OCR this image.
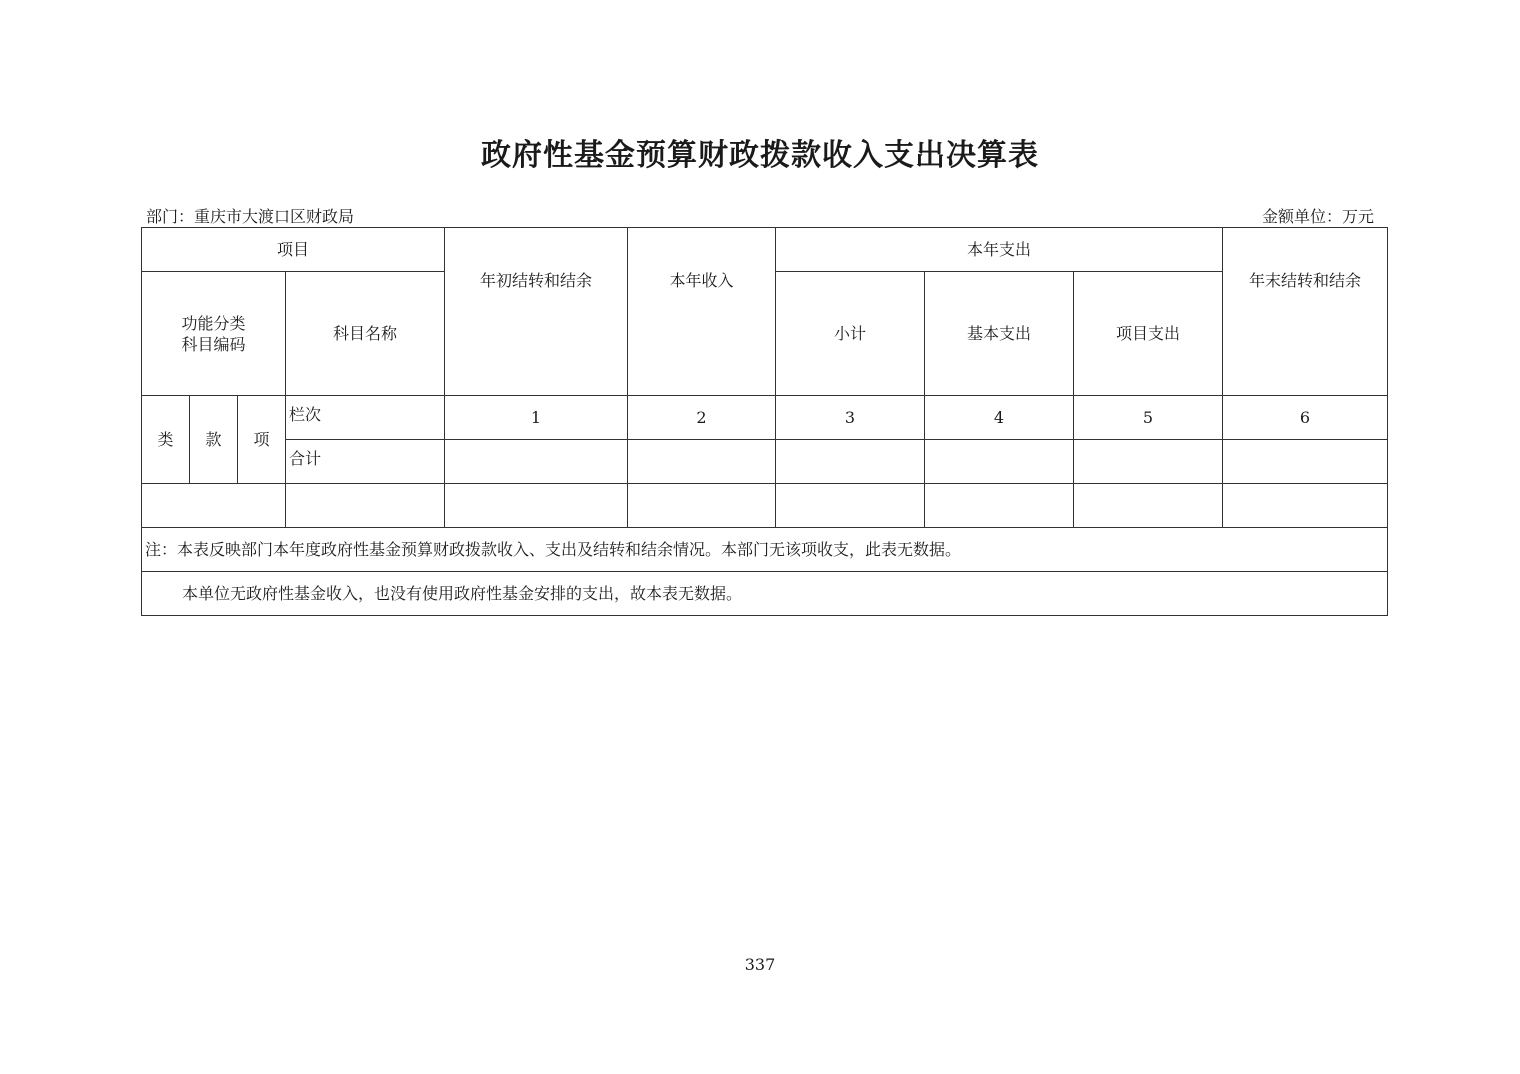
政府性基金预算财政拨款收入支出决算表
部门：重庆市大渡口区财政局	金额单位：万元
项目				年初结转和结余	本年收入	本年支出			年末结转和结余

功能分类
科目编码			科目名称			小计	基本支出	项目支出	
类	款	项	栏次	1	2	3	4	5	6
			合计						

注：本表反映部门本年度政府性基金预算财政拨款收入、支出及结转和结余情况。本部门无该项收支，此表无数据。									
本单位无政府性基金收入，也没有使用政府性基金安排的支出，故本表无数据。									
337
